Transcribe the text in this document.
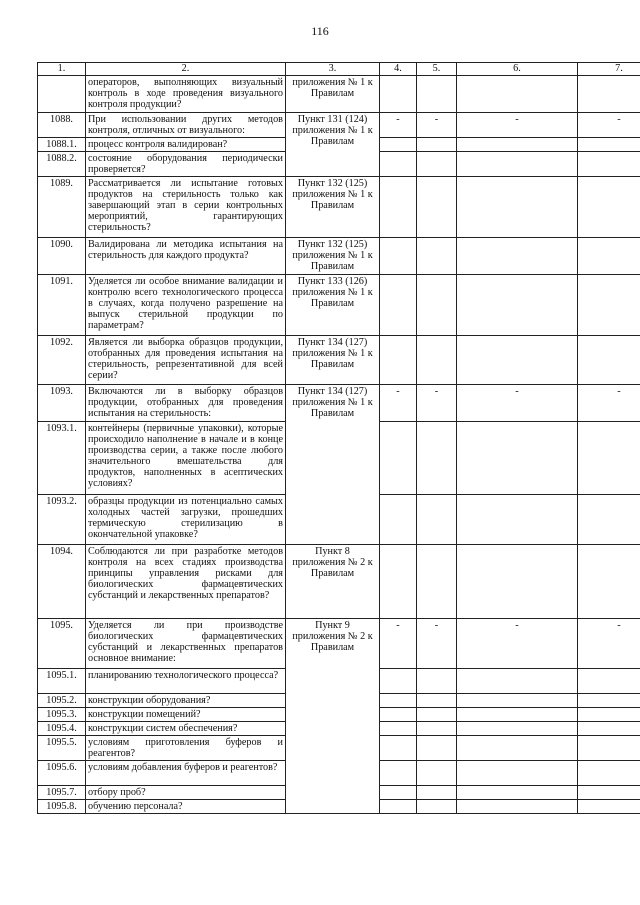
116
1.	2.	3.	4.	5.	6.	7.
	операторов, выполняющих визуальный контроль в ходе проведения визуального контроля продукции?	приложения № 1 к Правилам				
1088.	При использовании других методов контроля, отличных от визуального:	Пункт 131 (124) приложения № 1 к Правилам	-	-	-	-
1088.1.	процесс контроля валидирован?					
1088.2.	состояние оборудования периодически проверяется?					
1089.	Рассматривается ли испытание готовых продуктов на стерильность только как завершающий этап в серии контрольных мероприятий, гарантирующих стерильность?	Пункт 132 (125) приложения № 1 к Правилам				
1090.	Валидирована ли методика испытания на стерильность для каждого продукта?	Пункт 132 (125) приложения № 1 к Правилам				
1091.	Уделяется ли особое внимание валидации и контролю всего технологического процесса в случаях, когда получено разрешение на выпуск стерильной продукции по параметрам?	Пункт 133 (126) приложения № 1 к Правилам				
1092.	Является ли выборка образцов продукции, отобранных для проведения испытания на стерильность, репрезентативной для всей серии?	Пункт 134 (127) приложения № 1 к Правилам				
1093.	Включаются ли в выборку образцов продукции, отобранных для проведения испытания на стерильность:	Пункт 134 (127) приложения № 1 к Правилам	-	-	-	-
1093.1.	контейнеры (первичные упаковки), которые происходило наполнение в начале и в конце производства серии, а также после любого значительного вмешательства для продуктов, наполненных в асептических условиях?					
1093.2.	образцы продукции из потенциально самых холодных частей загрузки, прошедших термическую стерилизацию в окончательной упаковке?					
1094.	Соблюдаются ли при разработке методов контроля на всех стадиях производства принципы управления рисками для биологических фармацевтических субстанций и лекарственных препаратов?	Пункт 8 приложения № 2 к Правилам				
1095.	Уделяется ли при производстве биологических фармацевтических субстанций и лекарственных препаратов основное внимание:	Пункт 9 приложения № 2 к Правилам	-	-	-	-
1095.1.	планированию технологического процесса?					
1095.2.	конструкции оборудования?					
1095.3.	конструкции помещений?					
1095.4.	конструкции систем обеспечения?					
1095.5.	условиям приготовления буферов и реагентов?					
1095.6.	условиям добавления буферов и реагентов?					
1095.7.	отбору проб?					
1095.8.	обучению персонала?					
